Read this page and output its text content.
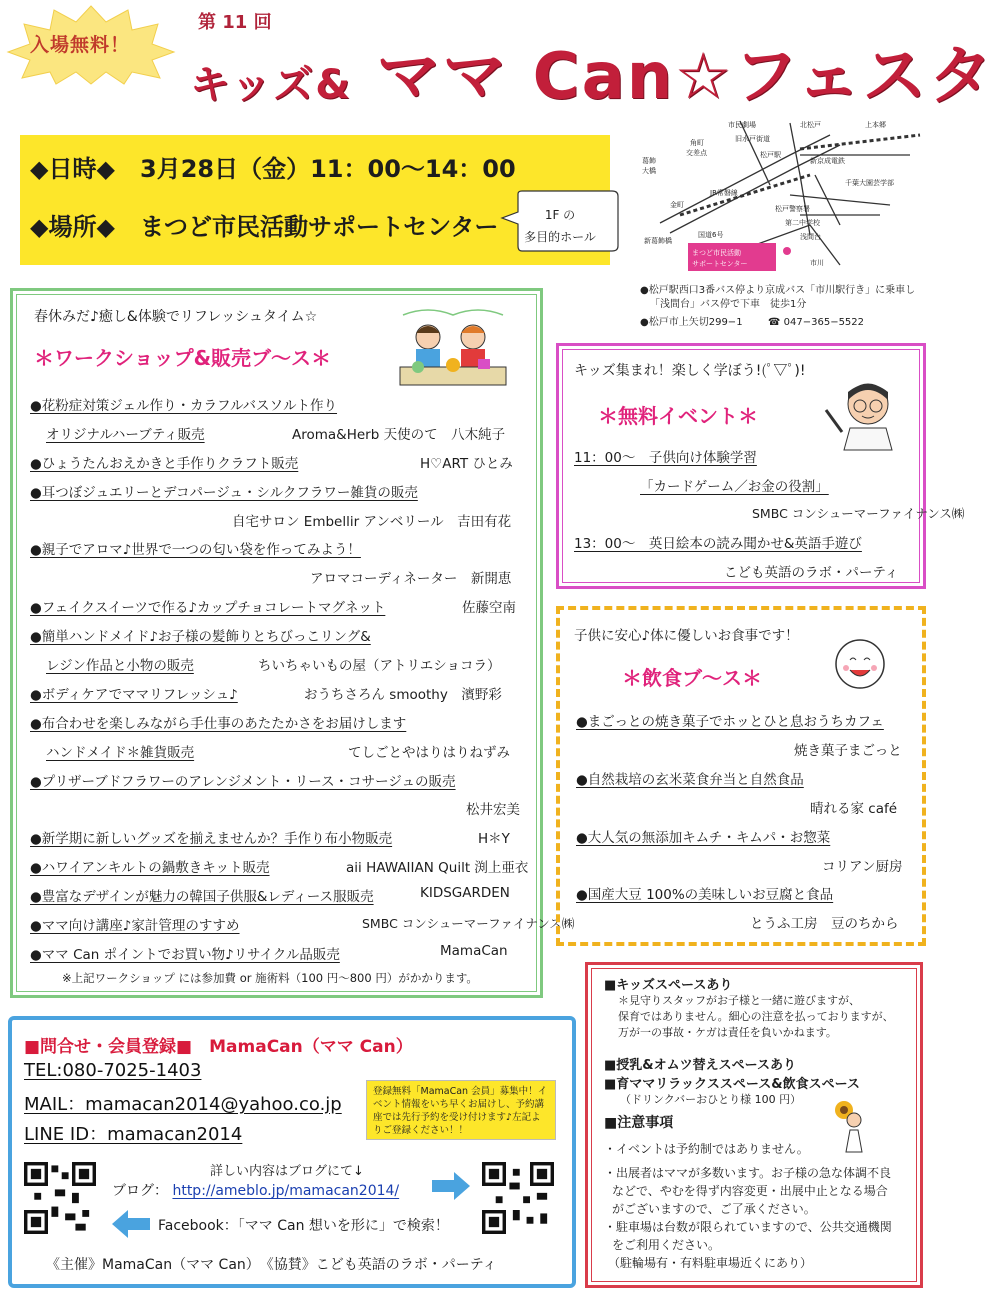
入場無料！
第 11 回
キッズ& ママ Can☆フェスタ
◆日時◆ 3月28日（金）11：00〜14：00
◆場所◆ まつど市民活動サポートセンター	1F の
多目的ホール
市民劇場
旧水戸街道
角町
交差点
葛飾
大橋
松戸駅
北松戸	上本郷
新京成電鉄
JR常磐線
千葉大園芸学部
金町	松戸警察署
第二中学校
浅間台
新葛飾橋
国道6号
市川
まつど市民活動
サポートセンター
●松戸駅西口3番バス停より京成バス「市川駅行き」に乗車し
「浅間台」バス停で下車　徒歩1分
●松戸市上矢切299−1	☎ 047−365−5522
春休みだ♪癒し&体験でリフレッシュタイム☆
＊ワークショップ&販売ブ〜ス＊
●花粉症対策ジェル作り・カラフルバスソルト作り
オリジナルハーブティ販売	Aroma&Herb 天使のて　八木純子
●ひょうたんおえかきと手作りクラフト販売	H♡ART ひとみ
●耳つぼジュエリーとデコパージュ・シルクフラワー雑貨の販売
自宅サロン Embellir アンベリール　吉田有花
●親子でアロマ♪世界で一つの匂い袋を作ってみよう！
アロマコーディネーター　新開恵
●フェイクスイーツで作る♪カップチョコレートマグネット	佐藤空南
●簡単ハンドメイド♪お子様の髪飾りとちびっこリング&
レジン作品と小物の販売	ちいちゃいもの屋（アトリエショコラ）
●ボディケアでママリフレッシュ♪	おうちさろん smoothy　濱野彩
●布合わせを楽しみながら手仕事のあたたかさをお届けします
ハンドメイド＊雑貨販売	てしごとやはりはりねずみ
●プリザーブドフラワーのアレンジメント・リース・コサージュの販売
松井宏美
●新学期に新しいグッズを揃えませんか？手作り布小物販売	H＊Y
●ハワイアンキルトの鍋敷きキット販売	aii HAWAIIAN Quilt 渕上亜衣
●豊富なデザインが魅力の韓国子供服&レディース服販売	KIDSGARDEN
●ママ向け講座♪家計管理のすすめ	SMBC コンシューマーファイナンス㈱
●ママ Can ポイントでお買い物♪リサイクル品販売	MamaCan
※上記ワークショップ には参加費 or 施術料（100 円〜800 円）がかかります。
キッズ集まれ！楽しく学ぼう!(ﾟ▽ﾟ)!
＊無料イベント＊
11：00〜　子供向け体験学習
「カードゲーム／お金の役割」
SMBC コンシューマーファイナンス㈱
13：00〜　英日絵本の読み聞かせ&英語手遊び
こども英語のラボ・パーティ
子供に安心♪体に優しいお食事です！
＊飲食ブ〜ス＊
●まごっとの焼き菓子でホッとひと息おうちカフェ
焼き菓子まごっと
●自然栽培の玄米菜食弁当と自然食品
晴れる家 café
●大人気の無添加キムチ・キムパ・お惣菜
コリアン厨房
●国産大豆 100%の美味しいお豆腐と食品
とうふ工房　豆のちから
■キッズスペースあり
＊見守りスタッフがお子様と一緒に遊びますが、
保育ではありません。細心の注意を払っておりますが、
万が一の事故・ケガは責任を負いかねます。
■授乳&オムツ替えスペースあり
■育ママリラックススペース&飲食スペース
（ドリンクバーおひとり様 100 円）
■注意事項
・イベントは予約制ではありません。
・出展者はママが多数います。お子様の急な体調不良
などで、やむを得ず内容変更・出展中止となる場合
がございますので、ご了承ください。
・駐車場は台数が限られていますので、公共交通機関
をご利用ください。
（駐輪場有・有料駐車場近くにあり）
■問合せ・会員登録■　MamaCan（ママ Can）
TEL:080-7025-1403
MAIL：mamacan2014@yahoo.co.jp
LINE ID：mamacan2014
登録無料「MamaCan 会員」募集中！イベント情報をいち早くお届けし、予約講座では先行予約を受け付けます♪左記よりご登録ください！！
詳しい内容はブログにて↓
ブログ： http://ameblo.jp/mamacan2014/
Facebook：「ママ Can 想いを形に」で検索！
《主催》MamaCan（ママ Can）　《協賛》こども英語のラボ・パーティ
